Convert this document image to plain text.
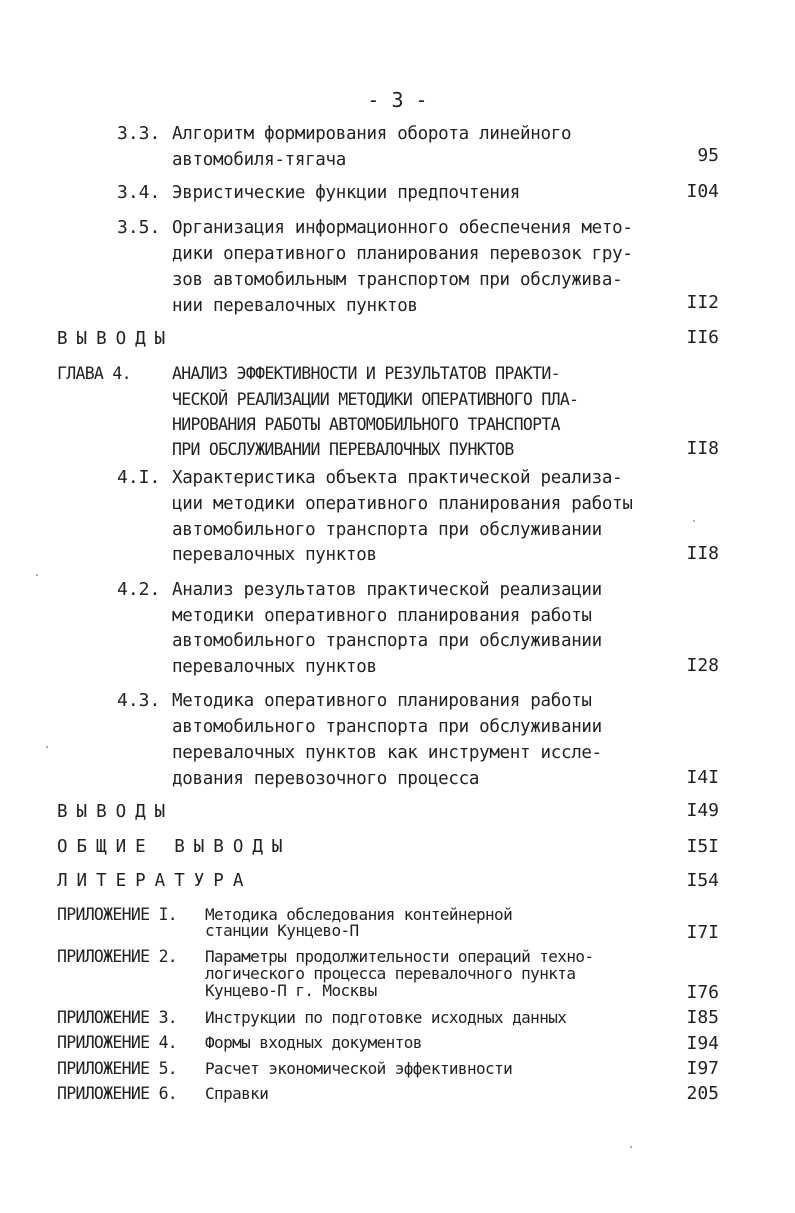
- 3 -
3.3. Алгоритм формирования оборота линейного
автомобиля-тягача	95
3.4. Эвристические функции предпочтения	I04
3.5. Организация информационного обеспечения мето-
дики оперативного планирования перевозок гру-
зов автомобильным транспортом при обслужива-
нии перевалочных пунктов	II2
ВЫВОДЫ	II6
ГЛАВА 4. АНАЛИЗ ЭФФЕКТИВНОСТИ И РЕЗУЛЬТАТОВ ПРАКТИ-
ЧЕСКОЙ РЕАЛИЗАЦИИ МЕТОДИКИ ОПЕРАТИВНОГО ПЛА-
НИРОВАНИЯ РАБОТЫ АВТОМОБИЛЬНОГО ТРАНСПОРТА
ПРИ ОБСЛУЖИВАНИИ ПЕРЕВАЛОЧНЫХ ПУНКТОВ	II8
4.I. Характеристика объекта практической реализа-
ции методики оперативного планирования работы
автомобильного транспорта при обслуживании
перевалочных пунктов	II8
4.2. Анализ результатов практической реализации
методики оперативного планирования работы
автомобильного транспорта при обслуживании
перевалочных пунктов	I28
4.3. Методика оперативного планирования работы
автомобильного транспорта при обслуживании
перевалочных пунктов как инструмент иссле-
дования перевозочного процесса	I4I
ВЫВОДЫ	I49
ОБЩИЕ ВЫВОДЫ	I5I
ЛИТЕРАТУРА	I54
ПРИЛОЖЕНИЕ I. Методика обследования контейнерной
станции Кунцево-П	I7I
ПРИЛОЖЕНИЕ 2. Параметры продолжительности операций техно-
логического процесса перевалочного пункта
Кунцево-П г. Москвы	I76
ПРИЛОЖЕНИЕ 3. Инструкции по подготовке исходных данных	I85
ПРИЛОЖЕНИЕ 4. Формы входных документов	I94
ПРИЛОЖЕНИЕ 5. Расчет экономической эффективности	I97
ПРИЛОЖЕНИЕ 6. Справки	205
